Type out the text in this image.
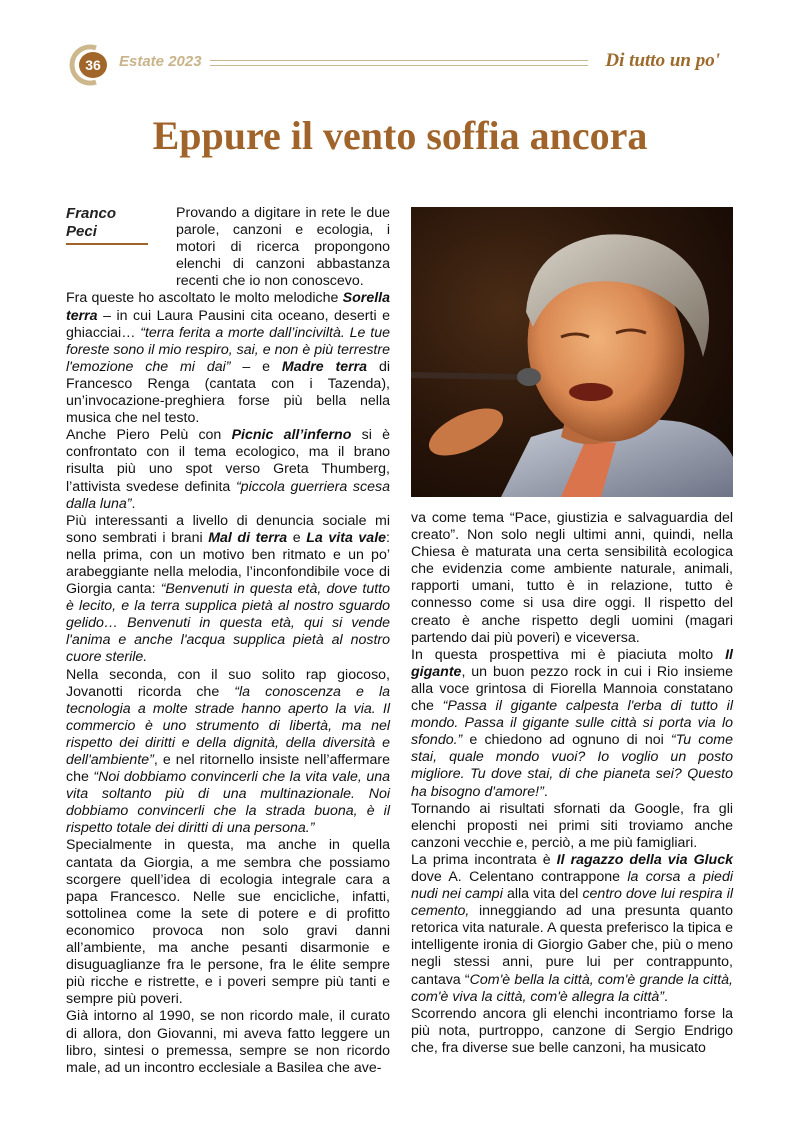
36	Estate 2023	Di tutto un po'
Eppure il vento soffia ancora
Franco
Peci

Provando a digitare in rete le due parole, canzoni e ecologia, i motori di ricerca propongono elenchi di canzoni abbastanza recenti che io non conoscevo.

Fra queste ho ascoltato le molto melodiche Sorella terra – in cui Laura Pausini cita oceano, deserti e ghiacciai… “terra ferita a morte dall’inciviltà. Le tue foreste sono il mio respiro, sai, e non è più terrestre l'emozione che mi dai” – e Madre terra di Francesco Renga (cantata con i Tazenda), un’invocazione-preghiera forse più bella nella musica che nel testo.

Anche Piero Pelù con Picnic all’inferno si è confrontato con il tema ecologico, ma il brano risulta più uno spot verso Greta Thumberg, l’attivista svedese definita “piccola guerriera scesa dalla luna”.

Più interessanti a livello di denuncia sociale mi sono sembrati i brani Mal di terra e La vita vale: nella prima, con un motivo ben ritmato e un po’ arabeggiante nella melodia, l’inconfondibile voce di Giorgia canta: “Benvenuti in questa età, dove tutto è lecito, e la terra supplica pietà al nostro sguardo gelido… Benvenuti in questa età, qui si vende l'anima e anche l'acqua supplica pietà al nostro cuore sterile.

Nella seconda, con il suo solito rap giocoso, Jovanotti ricorda che “la conoscenza e la tecnologia a molte strade hanno aperto la via. Il commercio è uno strumento di libertà, ma nel rispetto dei diritti e della dignità, della diversità e dell'ambiente”, e nel ritornello insiste nell’affermare che “Noi dobbiamo convincerli che la vita vale, una vita soltanto più di una multinazionale. Noi dobbiamo convincerli che la strada buona, è il rispetto totale dei diritti di una persona.”

Specialmente in questa, ma anche in quella cantata da Giorgia, a me sembra che possiamo scorgere quell’idea di ecologia integrale cara a papa Francesco. Nelle sue encicliche, infatti, sottolinea come la sete di potere e di profitto economico provoca non solo gravi danni all’ambiente, ma anche pesanti disarmonie e disuguaglianze fra le persone, fra le élite sempre più ricche e ristrette, e i poveri sempre più tanti e sempre più poveri.

Già intorno al 1990, se non ricordo male, il curato di allora, don Giovanni, mi aveva fatto leggere un libro, sintesi o premessa, sempre se non ricordo male, ad un incontro ecclesiale a Basilea che ave-

va come tema “Pace, giustizia e salvaguardia del creato”. Non solo negli ultimi anni, quindi, nella Chiesa è maturata una certa sensibilità ecologica che evidenzia come ambiente naturale, animali, rapporti umani, tutto è in relazione, tutto è connesso come si usa dire oggi. Il rispetto del creato è anche rispetto degli uomini (magari partendo dai più poveri) e viceversa.

In questa prospettiva mi è piaciuta molto Il gigante, un buon pezzo rock in cui i Rio insieme alla voce grintosa di Fiorella Mannoia constatano che “Passa il gigante calpesta l'erba di tutto il mondo. Passa il gigante sulle città si porta via lo sfondo.” e chiedono ad ognuno di noi “Tu come stai, quale mondo vuoi? Io voglio un posto migliore. Tu dove stai, di che pianeta sei? Questo ha bisogno d'amore!”.

Tornando ai risultati sfornati da Google, fra gli elenchi proposti nei primi siti troviamo anche canzoni vecchie e, perciò, a me più famigliari.

La prima incontrata è Il ragazzo della via Gluck dove A. Celentano contrappone la corsa a piedi nudi nei campi alla vita del centro dove lui respira il cemento, inneggiando ad una presunta quanto retorica vita naturale. A questa preferisco la tipica e intelligente ironia di Giorgio Gaber che, più o meno negli stessi anni, pure lui per contrappunto, cantava “Com'è bella la città, com'è grande la città, com'è viva la città, com'è allegra la città”.

Scorrendo ancora gli elenchi incontriamo forse la più nota, purtroppo, canzone di Sergio Endrigo che, fra diverse sue belle canzoni, ha musicato
